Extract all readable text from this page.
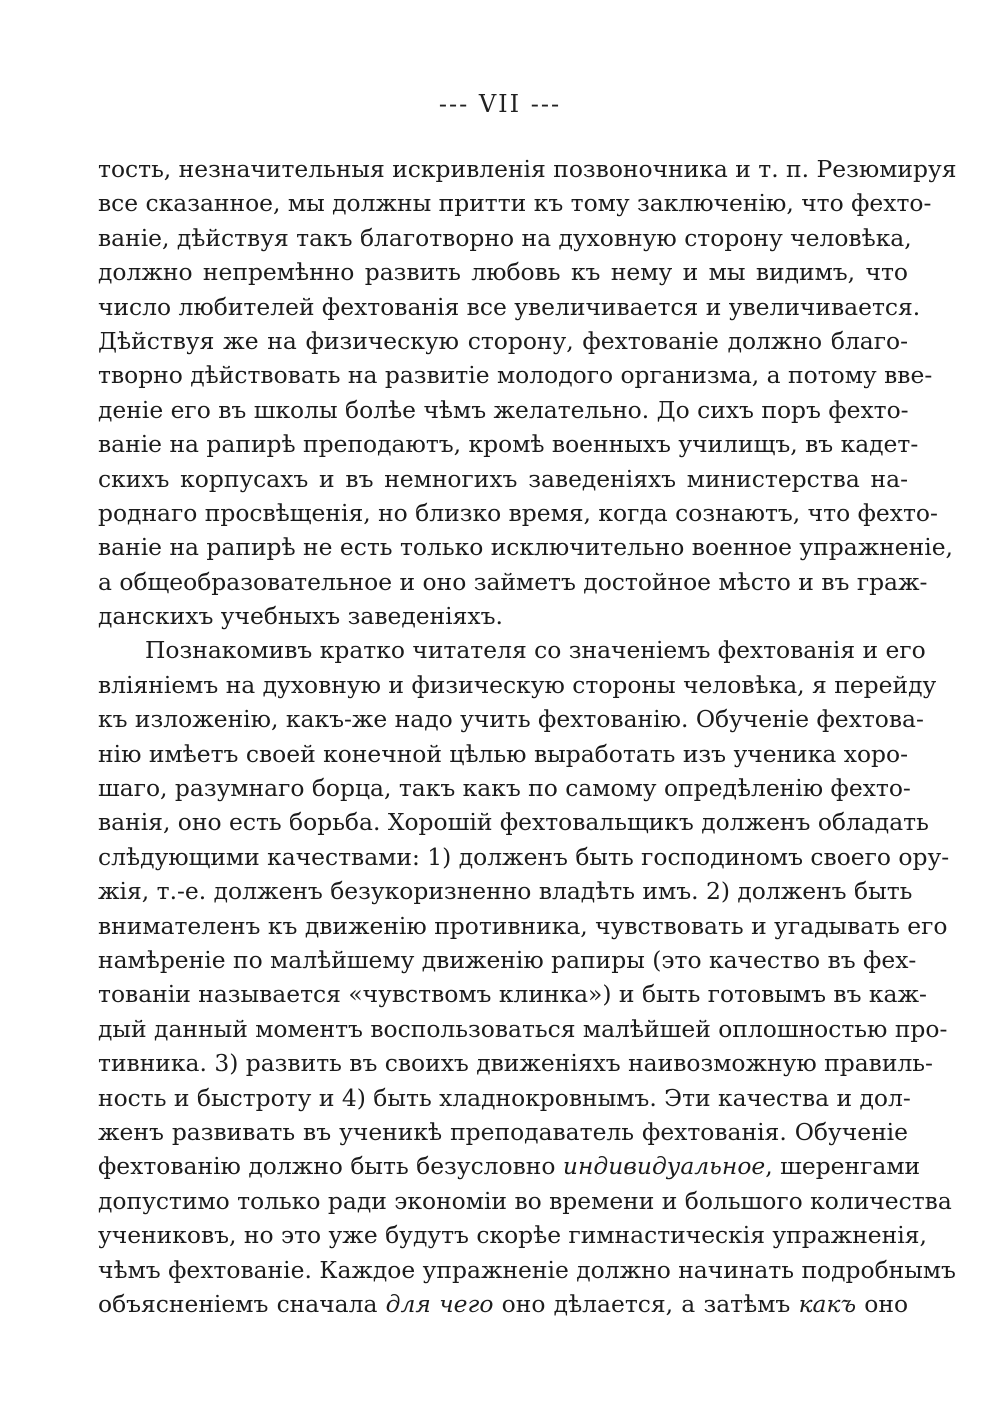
--- VII ---
тость, незначительныя искривленія позвоночника и т. п. Резюмируя
все сказанное, мы должны притти къ тому заключенію, что фехто-
ваніе, дѣйствуя такъ благотворно на духовную сторону человѣка,
должно непремѣнно развить любовь къ нему и мы видимъ, что
число любителей фехтованія все увеличивается и увеличивается.
Дѣйствуя же на физическую сторону, фехтованіе должно благо-
творно дѣйствовать на развитіе молодого организма, а потому вве-
деніе его въ школы болѣе чѣмъ желательно. До сихъ поръ фехто-
ваніе на рапирѣ преподаютъ, кромѣ военныхъ училищъ, въ кадет-
скихъ корпусахъ и въ немногихъ заведеніяхъ министерства на-
роднаго просвѣщенія, но близко время, когда сознаютъ, что фехто-
ваніе на рапирѣ не есть только исключительно военное упражненіе,
а общеобразовательное и оно займетъ достойное мѣсто и въ граж-
данскихъ учебныхъ заведеніяхъ.
Познакомивъ кратко читателя со значеніемъ фехтованія и его
вліяніемъ на духовную и физическую стороны человѣка, я перейду
къ изложенію, какъ-же надо учить фехтованію. Обученіе фехтова-
нію имѣетъ своей конечной цѣлью выработать изъ ученика хоро-
шаго, разумнаго борца, такъ какъ по самому опредѣленію фехто-
ванія, оно есть борьба. Хорошій фехтовальщикъ долженъ обладать
слѣдующими качествами: 1) долженъ быть господиномъ своего ору-
жія, т.-е. долженъ безукоризненно владѣть имъ. 2) долженъ быть
внимателенъ къ движенію противника, чувствовать и угадывать его
намѣреніе по малѣйшему движенію рапиры (это качество въ фех-
тованіи называется «чувствомъ клинка») и быть готовымъ въ каж-
дый данный моментъ воспользоваться малѣйшей оплошностью про-
тивника. 3) развить въ своихъ движеніяхъ наивозможную правиль-
ность и быстроту и 4) быть хладнокровнымъ. Эти качества и дол-
женъ развивать въ ученикѣ преподаватель фехтованія. Обученіе
фехтованію должно быть безусловно индивидуальное, шеренгами
допустимо только ради экономіи во времени и большого количества
учениковъ, но это уже будутъ скорѣе гимнастическія упражненія,
чѣмъ фехтованіе. Каждое упражненіе должно начинать подробнымъ
объясненіемъ сначала для чего оно дѣлается, а затѣмъ какъ оно
